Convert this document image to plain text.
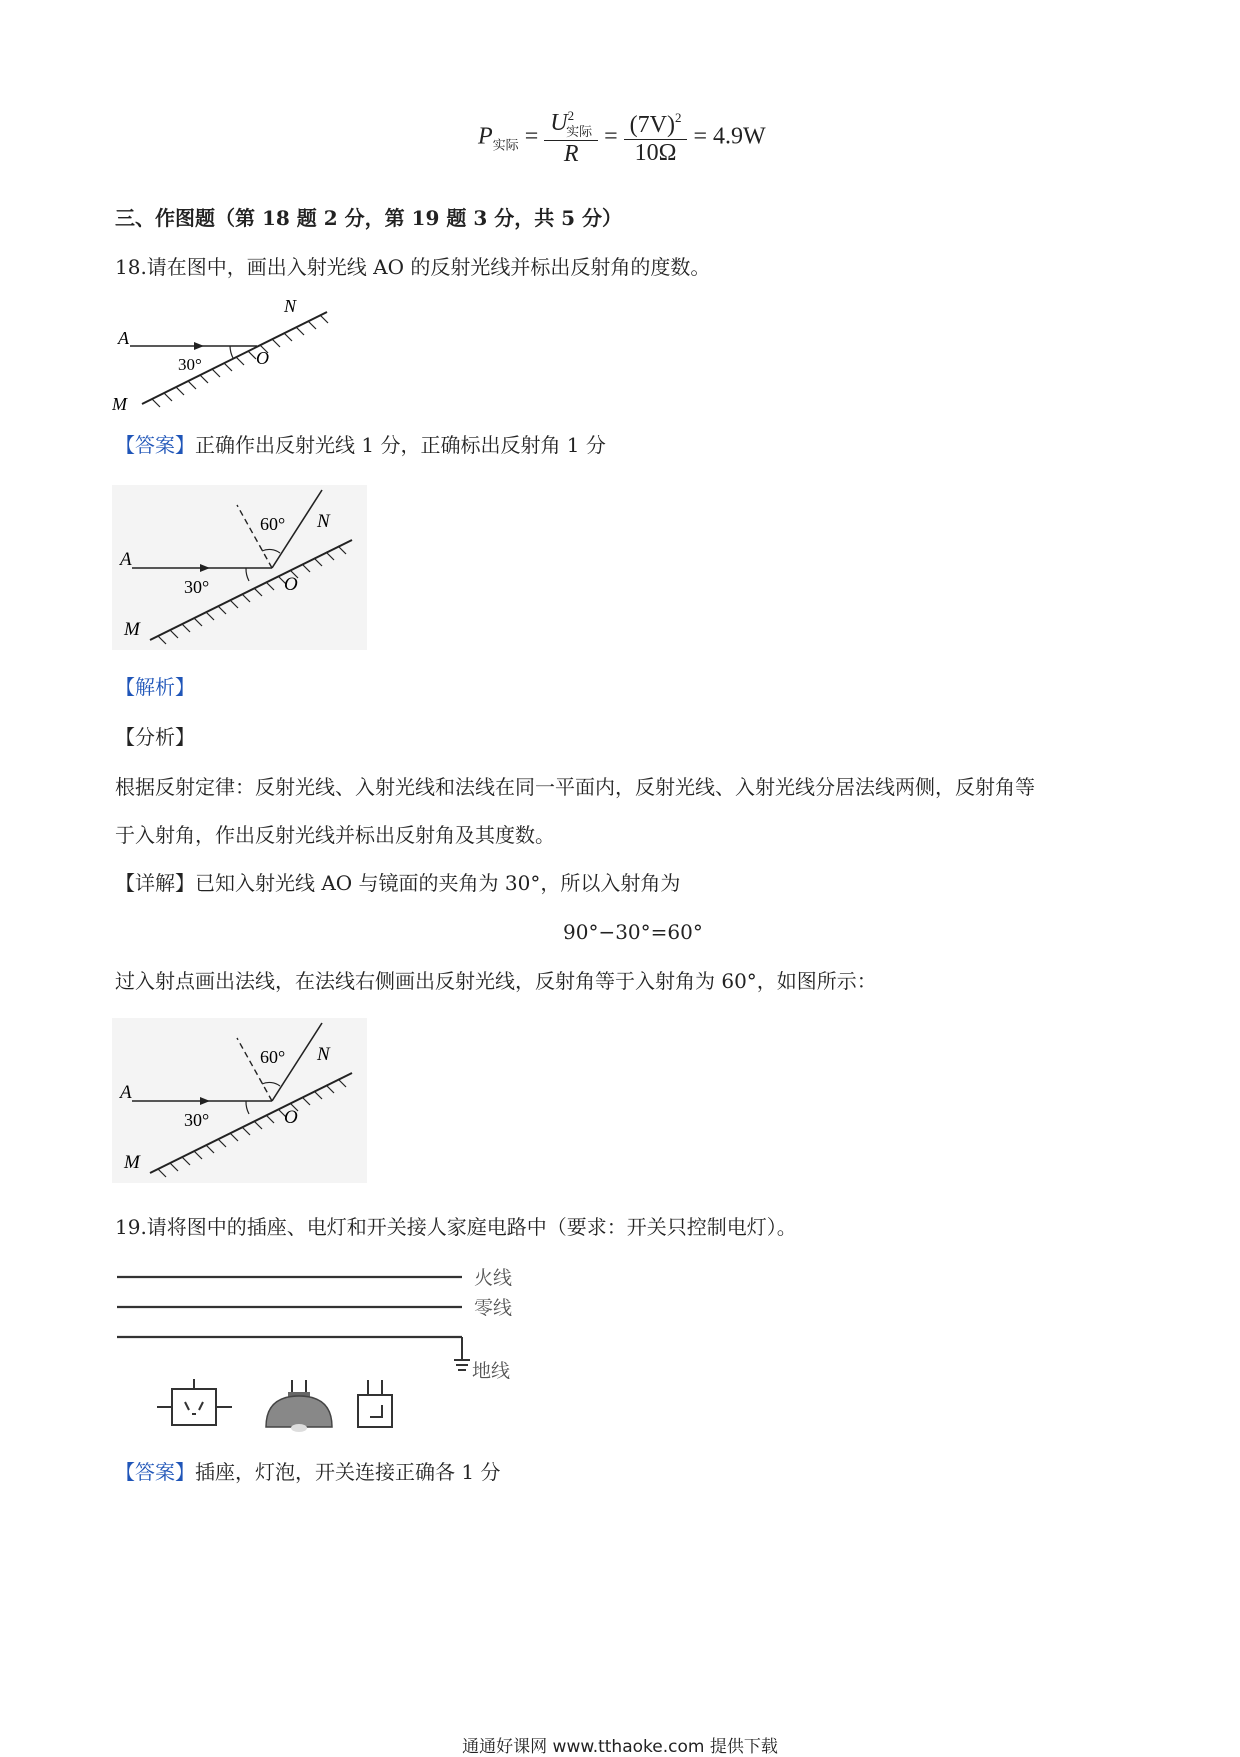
$P_{实际} = \frac{U^2_{实际}}{R} = \frac{(7V)^2}{10\Omega} = 4.9W$
三、作图题（第 18 题 2 分，第 19 题 3 分，共 5 分）
18.请在图中，画出入射光线 AO 的反射光线并标出反射角的度数。
A
N
M
O
30°
【答案】正确作出反射光线 1 分，正确标出反射角 1 分
A
N
M
O
30°
60°
【解析】
【分析】
根据反射定律：反射光线、入射光线和法线在同一平面内，反射光线、入射光线分居法线两侧，反射角等
于入射角，作出反射光线并标出反射角及其度数。
【详解】已知入射光线 AO 与镜面的夹角为 30°，所以入射角为
90°−30°=60°
过入射点画出法线，在法线右侧画出反射光线，反射角等于入射角为 60°，如图所示：
A
N
M
O
30°
60°
19.请将图中的插座、电灯和开关接人家庭电路中（要求：开关只控制电灯）。
火线
零线
地线
【答案】插座，灯泡，开关连接正确各 1 分
通通好课网 www.tthaoke.com 提供下载
